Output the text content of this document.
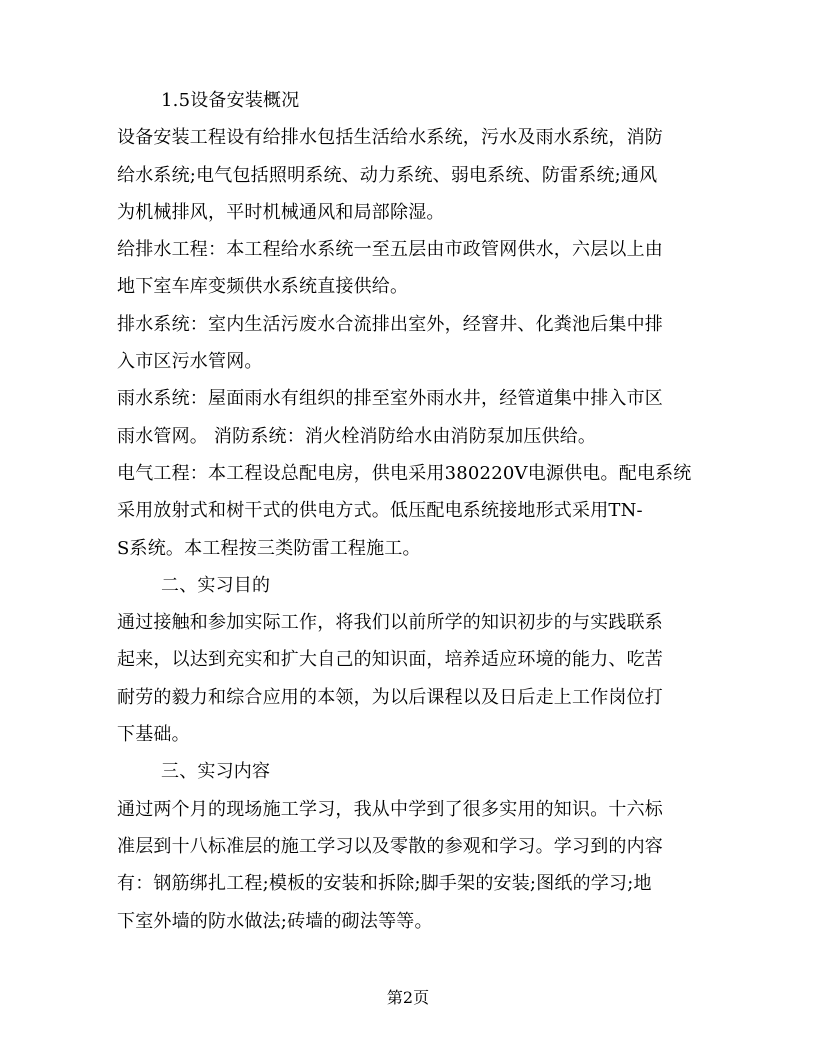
1.5设备安装概况
设备安装工程设有给排水包括生活给水系统，污水及雨水系统，消防
给水系统;电气包括照明系统、动力系统、弱电系统、防雷系统;通风
为机械排风，平时机械通风和局部除湿。
给排水工程：本工程给水系统一至五层由市政管网供水，六层以上由
地下室车库变频供水系统直接供给。
排水系统：室内生活污废水合流排出室外，经窨井、化粪池后集中排
入市区污水管网。
雨水系统：屋面雨水有组织的排至室外雨水井，经管道集中排入市区
雨水管网。 消防系统：消火栓消防给水由消防泵加压供给。
电气工程：本工程设总配电房，供电采用380220V电源供电。配电系统
采用放射式和树干式的供电方式。低压配电系统接地形式采用TN-
S系统。本工程按三类防雷工程施工。
二、实习目的
通过接触和参加实际工作，将我们以前所学的知识初步的与实践联系
起来，以达到充实和扩大自己的知识面，培养适应环境的能力、吃苦
耐劳的毅力和综合应用的本领，为以后课程以及日后走上工作岗位打
下基础。
三、实习内容
通过两个月的现场施工学习，我从中学到了很多实用的知识。十六标
准层到十八标准层的施工学习以及零散的参观和学习。学习到的内容
有：钢筋绑扎工程;模板的安装和拆除;脚手架的安装;图纸的学习;地
下室外墙的防水做法;砖墙的砌法等等。
第2页
